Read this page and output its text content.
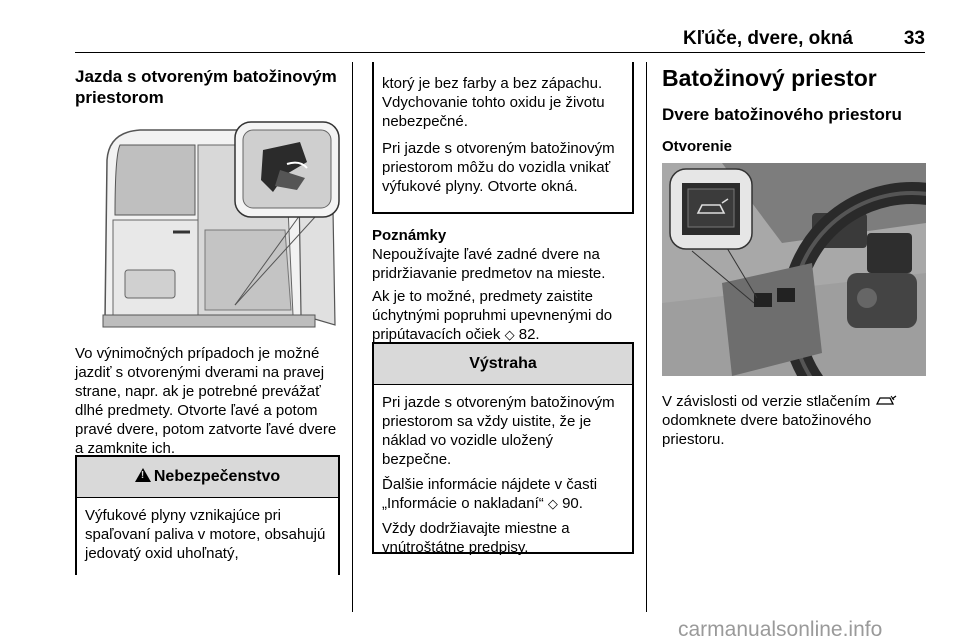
Kľúče, dvere, okná	33
Jazda s otvoreným batožinovým priestorom

Vo výnimočných prípadoch je možné jazdiť s otvorenými dverami na pravej strane, napr. ak je potrebné prevážať dlhé predmety. Otvorte ľavé a potom pravé dvere, potom zatvorte ľavé dvere a zamknite ich.

!Nebezpečenstvo

Výfukové plyny vznikajúce pri spaľovaní paliva v motore, obsahujú jedovatý oxid uhoľnatý,

ktorý je bez farby a bez zápachu. Vdychovanie tohto oxidu je životu nebezpečné.

Pri jazde s otvoreným batožinovým priestorom môžu do vozidla vnikať výfukové plyny. Otvorte okná.

Poznámky

Nepoužívajte ľavé zadné dvere na pridržiavanie predmetov na mieste.

Ak je to možné, predmety zaistite úchytnými popruhmi upevnenými do pripútavacích očiek ◇ 82.

Výstraha

Pri jazde s otvoreným batožinovým priestorom sa vždy uistite, že je náklad vo vozidle uložený bezpečne.

Ďalšie informácie nájdete v časti „Informácie o nakladaní“ ◇ 90.

Vždy dodržiavajte miestne a vnútroštátne predpisy.

Batožinový priestor
Dvere batožinového priestoru
Otvorenie

V závislosti od verzie stlačením  odomknete dvere batožinového priestoru.

carmanualsonline.info
